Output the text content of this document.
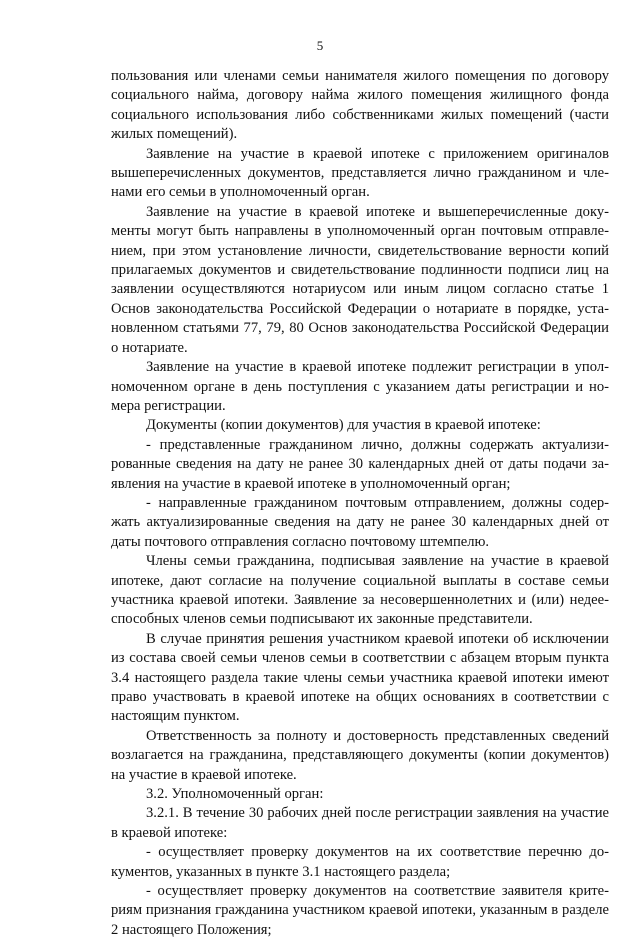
5

пользования или членами семьи нанимателя жилого помещения по договору социального найма, договору найма жилого помещения жилищного фонда социального использования либо собственниками жилых помещений (части жилых помещений).

Заявление на участие в краевой ипотеке с приложением оригиналов вышеперечисленных документов, представляется лично гражданином и членами его семьи в уполномоченный орган.

Заявление на участие в краевой ипотеке и вышеперечисленные документы могут быть направлены в уполномоченный орган почтовым отправлением, при этом установление личности, свидетельствование верности копий прилагаемых документов и свидетельствование подлинности подписи лиц на заявлении осуществляются нотариусом или иным лицом согласно статье 1 Основ законодательства Российской Федерации о нотариате в порядке, установленном статьями 77, 79, 80 Основ законодательства Российской Федерации о нотариате.

Заявление на участие в краевой ипотеке подлежит регистрации в уполномоченном органе в день поступления с указанием даты регистрации и номера регистрации.

Документы (копии документов) для участия в краевой ипотеке:

- представленные гражданином лично, должны содержать актуализированные сведения на дату не ранее 30 календарных дней от даты подачи заявления на участие в краевой ипотеке в уполномоченный орган;

- направленные гражданином почтовым отправлением, должны содержать актуализированные сведения на дату не ранее 30 календарных дней от даты почтового отправления согласно почтовому штемпелю.

Члены семьи гражданина, подписывая заявление на участие в краевой ипотеке, дают согласие на получение социальной выплаты в составе семьи участника краевой ипотеки. Заявление за несовершеннолетних и (или) недееспособных членов семьи подписывают их законные представители.

В случае принятия решения участником краевой ипотеки об исключении из состава своей семьи членов семьи в соответствии с абзацем вторым пункта 3.4 настоящего раздела такие члены семьи участника краевой ипотеки имеют право участвовать в краевой ипотеке на общих основаниях в соответствии с настоящим пунктом.

Ответственность за полноту и достоверность представленных сведений возлагается на гражданина, представляющего документы (копии документов) на участие в краевой ипотеке.

3.2. Уполномоченный орган:

3.2.1. В течение 30 рабочих дней после регистрации заявления на участие в краевой ипотеке:

- осуществляет проверку документов на их соответствие перечню документов, указанных в пункте 3.1 настоящего раздела;

- осуществляет проверку документов на соответствие заявителя критериям признания гражданина участником краевой ипотеки, указанным в разделе 2 настоящего Положения;
